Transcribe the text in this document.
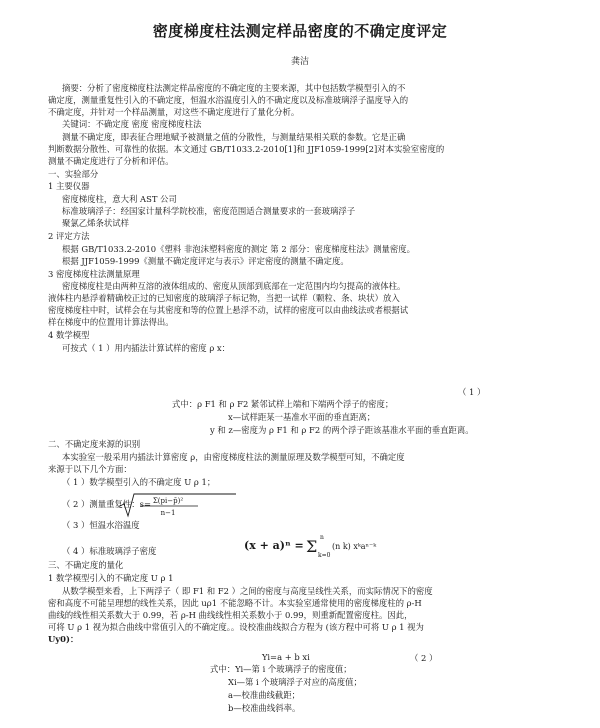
密度梯度柱法测定样品密度的不确定度评定
龚洁
摘要：分析了密度梯度柱法测定样品密度的不确定度的主要来源，其中包括数学模型引入的不
确定度，测量重复性引入的不确定度，恒温水浴温度引入的不确定度以及标准玻璃浮子温度导入的
不确定度，并针对一个样品测量，对这些不确定度进行了量化分析。
关键词：不确定度 密度 密度梯度柱法
测量不确定度，即表征合理地赋予被测量之值的分散性，与测量结果相关联的参数。它是正确
判断数据分散性、可靠性的依据。本文通过 GB/T1033.2-2010[1]和 JJF1059-1999[2]对本实验室密度的
测量不确定度进行了分析和评估。
一、实验部分
1 主要仪器
密度梯度柱，意大利 AST 公司
标准玻璃浮子：经国家计量科学院校准，密度范围适合测量要求的一套玻璃浮子
聚氯乙烯条状试样
2 评定方法
根据 GB/T1033.2-2010《塑料 非泡沫塑料密度的测定 第 2 部分：密度梯度柱法》测量密度。
根据 JJF1059-1999《测量不确定度评定与表示》评定密度的测量不确定度。
3 密度梯度柱法测量原理
密度梯度柱是由两种互溶的液体组成的、密度从顶部到底部在一定范围内均匀提高的液体柱。
液体柱内悬浮着精确校正过的已知密度的玻璃浮子标记物，当把一试样（颗粒、条、块状）放入
密度梯度柱中时，试样会在与其密度和等的位置上悬浮不动，试样的密度可以由曲线法或者根据试
样在梯度中的位置用计算法得出。
4 数学模型
可按式（ 1 ）用内插法计算试样的密度 ρ x：
（ 1 ）
式中：ρ F1 和 ρ F2 紧邻试样上端和下端两个浮子的密度；
x—试样距某一基准水平面的垂直距离；
y 和 z—密度为 ρ F1 和 ρ F2 的两个浮子距该基准水平面的垂直距离。
二、不确定度来源的识别
本实验室一般采用内插法计算密度 ρ，由密度梯度柱法的测量原理及数学模型可知，不确定度
来源于以下几个方面：
（ 1 ）数学模型引入的不确定度 U ρ 1；
（ 2 ）测量重复性：s= Σ(pi−p̄)²
n−1
（ 3 ）恒温水浴温度
（ 4 ）标准玻璃浮子密度	(x + a)ⁿ = Σ n
k=0
(n k) xᵏaⁿ⁻ᵏ
三、不确定度的量化
1 数学模型引入的不确定度 U ρ 1
从数学模型来看，上下两浮子（ 即 F1 和 F2 ）之间的密度与高度呈线性关系，而实际情况下的密度
密和高度不可能呈理想的线性关系，因此 uρ1 不能忽略不计。本实验室通常使用的密度梯度柱的 ρ-H
曲线的线性相关系数大于 0.99，若 ρ-H 曲线线性相关系数小于 0.99，则重新配置密度柱。因此，
可将 U ρ 1 视为拟合曲线中常值引入的不确定度。。设校准曲线拟合方程为 (该方程中可将 U ρ 1 视为
Uy0)：
Yi=a + b xi	（ 2 ）
式中：Yi—第 i 个玻璃浮子的密度值；
Xi—第 i 个玻璃浮子对应的高度值；
a—校准曲线截距；
b—校准曲线斜率。
